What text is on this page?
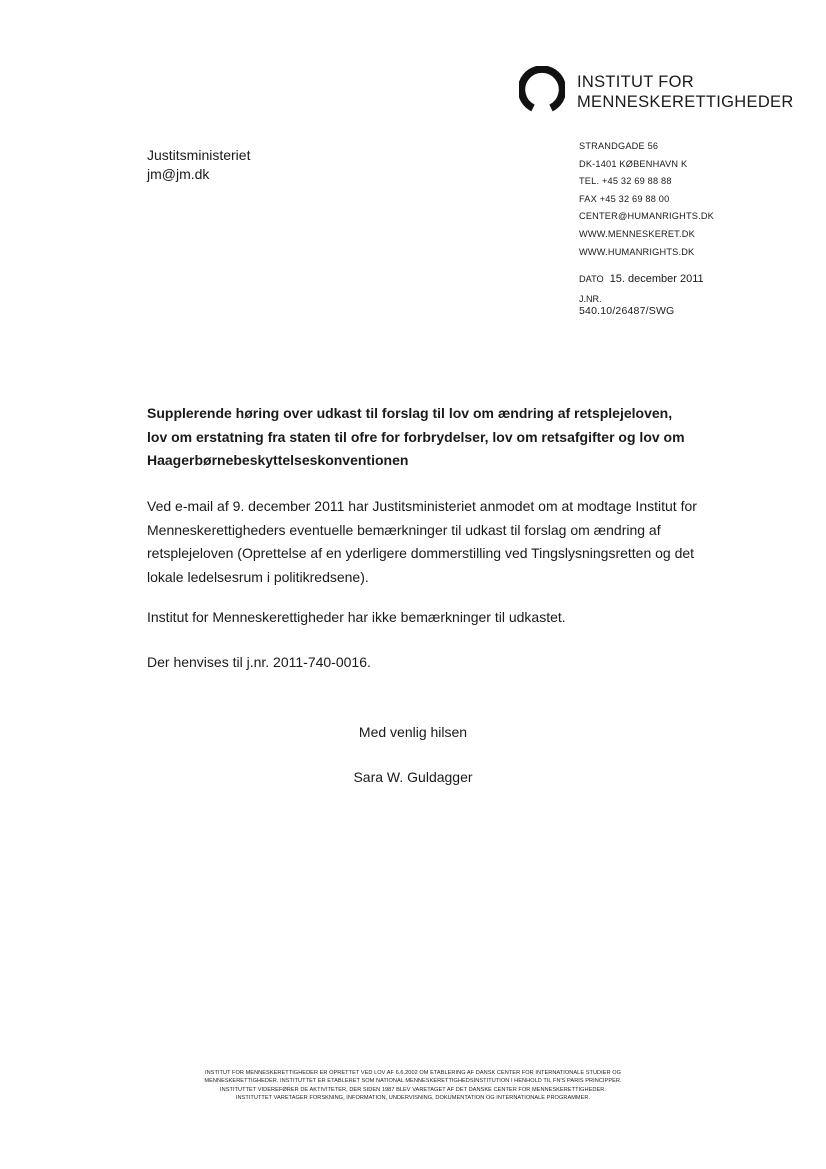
INSTITUT FOR
MENNESKERETTIGHEDER
Justitsministeriet
jm@jm.dk
STRANDGADE 56
DK-1401 KØBENHAVN K
TEL. +45 32 69 88 88
FAX +45 32 69 88 00
CENTER@HUMANRIGHTS.DK
WWW.MENNESKERET.DK
WWW.HUMANRIGHTS.DK
DATO 15. december 2011
J.NR.
540.10/26487/SWG
Supplerende høring over udkast til forslag til lov om ændring af retsplejeloven, lov om erstatning fra staten til ofre for forbrydelser, lov om retsafgifter og lov om Haagerbørnebeskyttelseskonventionen
Ved e-mail af 9. december 2011 har Justitsministeriet anmodet om at modtage Institut for Menneskerettigheders eventuelle bemærkninger til udkast til forslag om ændring af retsplejeloven (Oprettelse af en yderligere dommerstilling ved Tingslysningsretten og det lokale ledelsesrum i politikredsene).
Institut for Menneskerettigheder har ikke bemærkninger til udkastet.
Der henvises til j.nr. 2011-740-0016.
Med venlig hilsen
Sara W. Guldagger
INSTITUT FOR MENNESKERETTIGHEDER ER OPRETTET VED LOV AF 6.6.2002 OM ETABLERING AF DANSK CENTER FOR INTERNATIONALE STUDIER OG
MENNESKERETTIGHEDER. INSTITUTTET ER ETABLERET SOM NATIONAL MENNESKERETTIGHEDSINSTITUTION I HENHOLD TIL FN'S PARIS PRINCIPPER.
INSTITUTTET VIDEREFØRER DE AKTIVITETER, DER SIDEN 1987 BLEV VARETAGET AF DET DANSKE CENTER FOR MENNESKERETTIGHEDER.
INSTITUTTET VARETAGER FORSKNING, INFORMATION, UNDERVISNING, DOKUMENTATION OG INTERNATIONALE PROGRAMMER.
